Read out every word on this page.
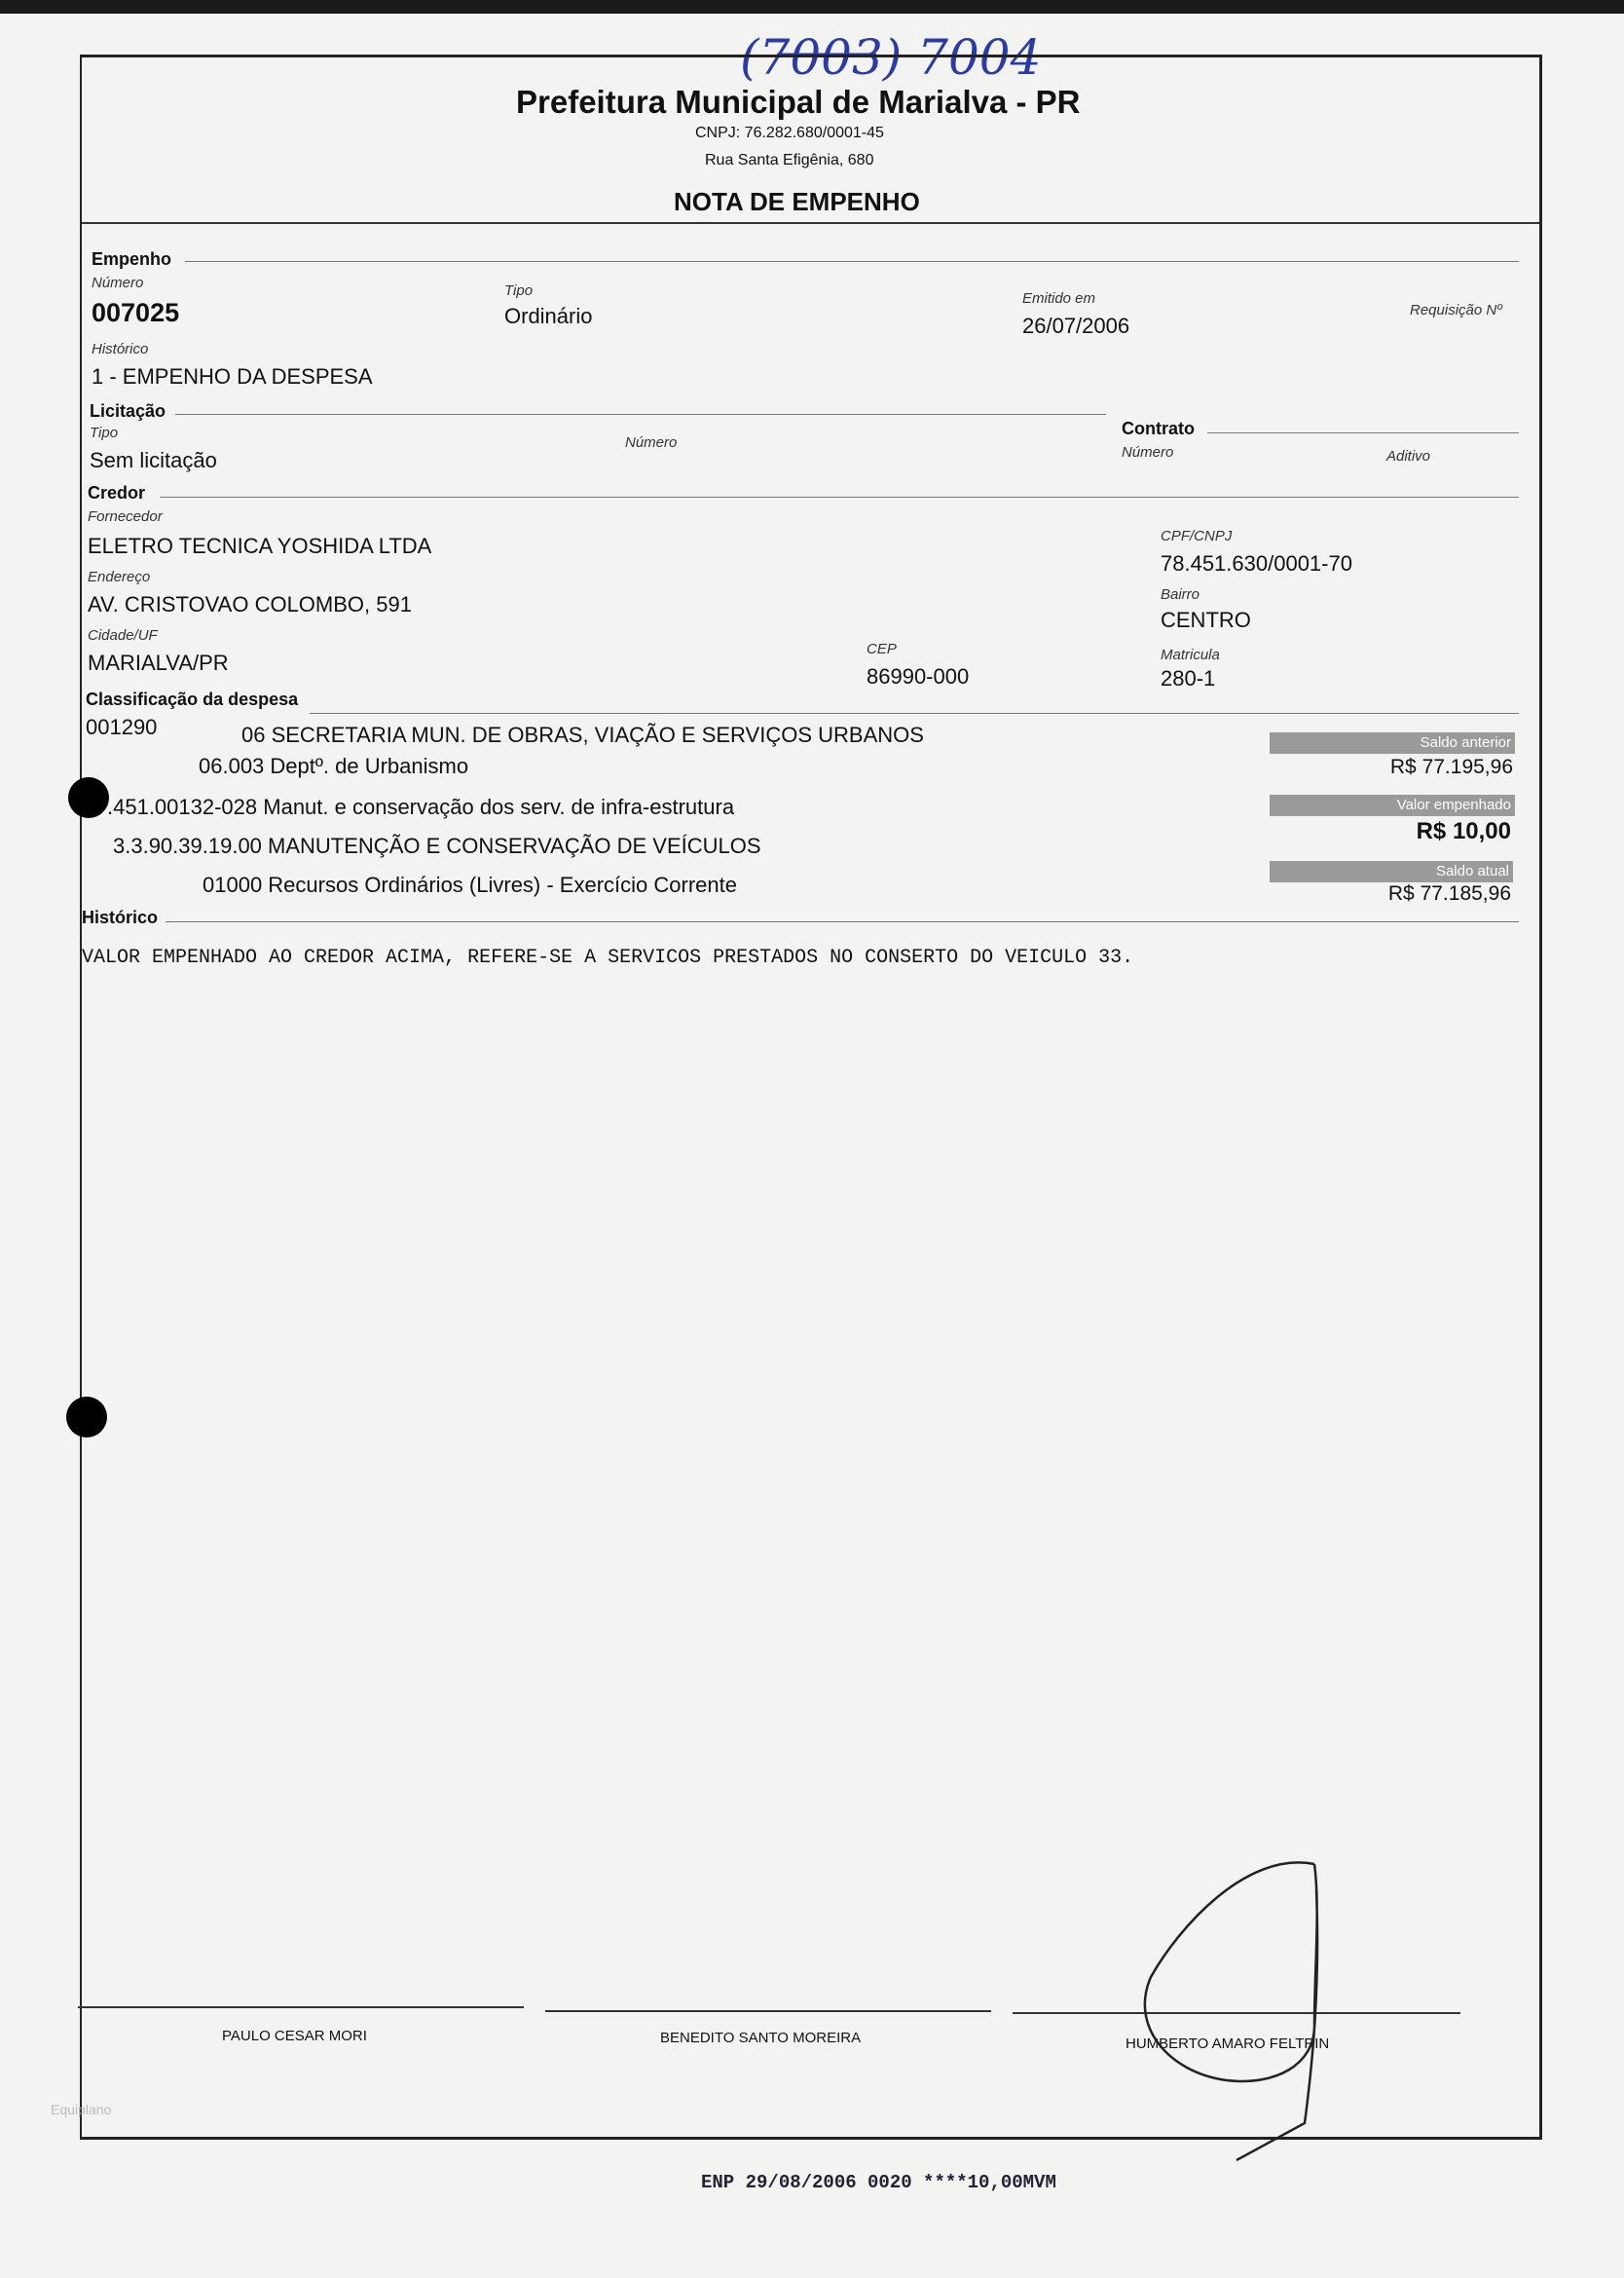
(7003) 7004
Prefeitura Municipal de Marialva - PR
CNPJ: 76.282.680/0001-45
Rua Santa Efigênia, 680
NOTA DE EMPENHO
Empenho
Número
007025
Tipo
Ordinário
Emitido em
26/07/2006
Requisição Nº
Histórico
1 - EMPENHO DA DESPESA
Licitação
Tipo
Sem licitação
Número
Contrato
Número	Aditivo
Credor
Fornecedor
ELETRO TECNICA YOSHIDA LTDA	CPF/CNPJ
78.451.630/0001-70
Endereço
AV. CRISTOVAO COLOMBO, 591	Bairro
CENTRO
Cidade/UF
MARIALVA/PR
CEP
86990-000
Matricula
280-1
Classificação da despesa
001290	06 SECRETARIA MUN. DE OBRAS, VIAÇÃO E SERVIÇOS URBANOS
06.003 Deptº. de Urbanismo
.451.00132-028 Manut. e conservação dos serv. de infra-estrutura
3.3.90.39.19.00 MANUTENÇÃO E CONSERVAÇÃO DE VEÍCULOS
01000 Recursos Ordinários (Livres) - Exercício Corrente
Saldo anterior
R$ 77.195,96
Valor empenhado
R$ 10,00
Saldo atual
R$ 77.185,96
Histórico
VALOR EMPENHADO AO CREDOR ACIMA, REFERE-SE A SERVICOS PRESTADOS NO CONSERTO DO VEICULO 33.
PAULO CESAR MORI	BENEDITO SANTO MOREIRA	HUMBERTO AMARO FELTRIN
Equiplano
ENP 29/08/2006 0020 ****10,00MVM
